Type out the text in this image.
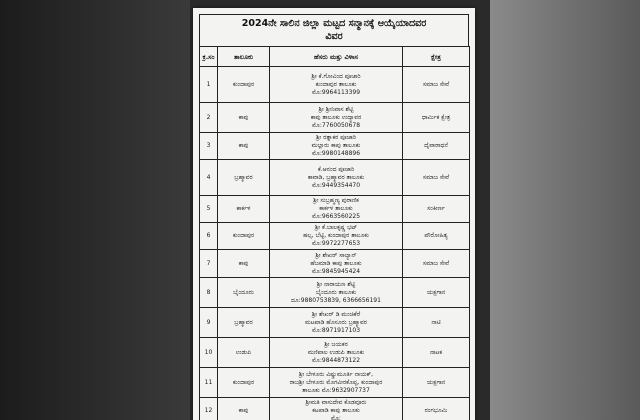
2024ನೇ ಸಾಲಿನ ಜಿಲ್ಲಾ ಮಟ್ಟದ ಸನ್ಮಾನಕ್ಕೆ ಆಯ್ಕೆಯಾದವರ
ವಿವರ
ಕ್ರ.ಸಂ	ತಾಲೂಕು	ಹೆಸರು ಮತ್ತು ವಿಳಾಸ	ಕ್ಷೇತ್ರ
1	ಕುಂದಾಪುರ	ಶ್ರೀ ಕೆ.ಗೋವಿಂದ ಪೂಜಾರಿ
ಕುಂದಾಪುರ ತಾಲೂಕು
ಮೊ:9964113399	ಸಮಾಜ ಸೇವೆ
2	ಕಾಪು	ಶ್ರೀ ಶ್ರೀನಿವಾಸ ಶೆಟ್ಟಿ
ಕಾಪು ತಾಲೂಕು ಉದ್ಯಾವರ
ಮೊ:7760050678	ಧಾರ್ಮಿಕ ಕ್ಷೇತ್ರ
3	ಕಾಪು	ಶ್ರೀ ರತ್ನಾಕರ ಪೂಜಾರಿ
ಮಲ್ಲಾರು ಕಾಪು ತಾಲೂಕು
ಮೊ:9980148896	ದೈವಾರಾಧನೆ
4	ಬ್ರಹ್ಮಾವರ	ಕೆ.ಆನಂದ ಪೂಜಾರಿ
ಕಾವಾಡಿ, ಬ್ರಹ್ಮಾವರ ತಾಲೂಕು
ಮೊ:9449354470	ಸಮಾಜ ಸೇವೆ
5	ಕಾರ್ಕಳ	ಶ್ರೀ ಸುಬ್ರಹ್ಮಣ್ಯ ಪುರಾಣಿಕ
ಕಾರ್ಕಳ ತಾಲೂಕು
ಮೊ:9663560225	ಸಂಕೀರ್ಣ
6	ಕುಂದಾಪುರ	ಶ್ರೀ ಕೆ.ಬಾಲಕೃಷ್ಣ ಭಟ್
ಹಲ್ಸ, ಬೆಟ್ಟಿ, ಕುಂದಾಪುರ ತಾಲೂಕು
ಮೊ:9972277653	ಪೌರೋಹಿತ್ಯ
7	ಕಾಪು	ಶ್ರೀ ಶೇಖರ್ ಸಾಲ್ಯಾನ್
ಹೆಜಮಾಡಿ ಕಾಪು ತಾಲೂಕು
ಮೊ:9845945424	ಸಮಾಜ ಸೇವೆ
8	ಬೈಂದೂರು	ಶ್ರೀ ನಾರಾಯಣ ಶೆಟ್ಟಿ
ಬೈಂದೂರು ತಾಲೂಕು
ದೂ:9880753839, 6366656191	ಯಕ್ಷಗಾನ
9	ಬ್ರಹ್ಮಾವರ	ಶ್ರೀ ಶೇಖರ್ ಡಿ ಮಂಚಿಕೆರೆ
ಮಟಪಾಡಿ ಹೊಸೂರು ಬ್ರಹ್ಮಾವರ
ಮೊ:8971917103	ನಾಟಿ
10	ಉಡುಪಿ	ಶ್ರೀ ಜಯಕರ
ಮಣಿಪಾಲ ಉಡುಪಿ ತಾಲೂಕು
ಮೊ:9844873122	ನಾಟಕ
11	ಕುಂದಾಪುರ	ಶ್ರೀ ಬೇಳೂರು ವಿಷ್ಣುಮೂರ್ತಿ ನಾಯಕ್,
ರಾಜಶ್ರೀ ಬೇಳೂರು ಮೊಗವೀರಕೊಪ್ಪ, ಕುಂದಾಪುರ
ತಾಲೂಕು ಮೊ:9632907737	ಯಕ್ಷಗಾನ
12	ಕಾಪು	ಶ್ರೀಮತಿ ವಾಸುದೇವ ಕೊಡವೂರು
ಕಟಪಾಡಿ ಕಾಪು ತಾಲೂಕು
ಮೊ:	ರಂಗಭೂಮಿ
